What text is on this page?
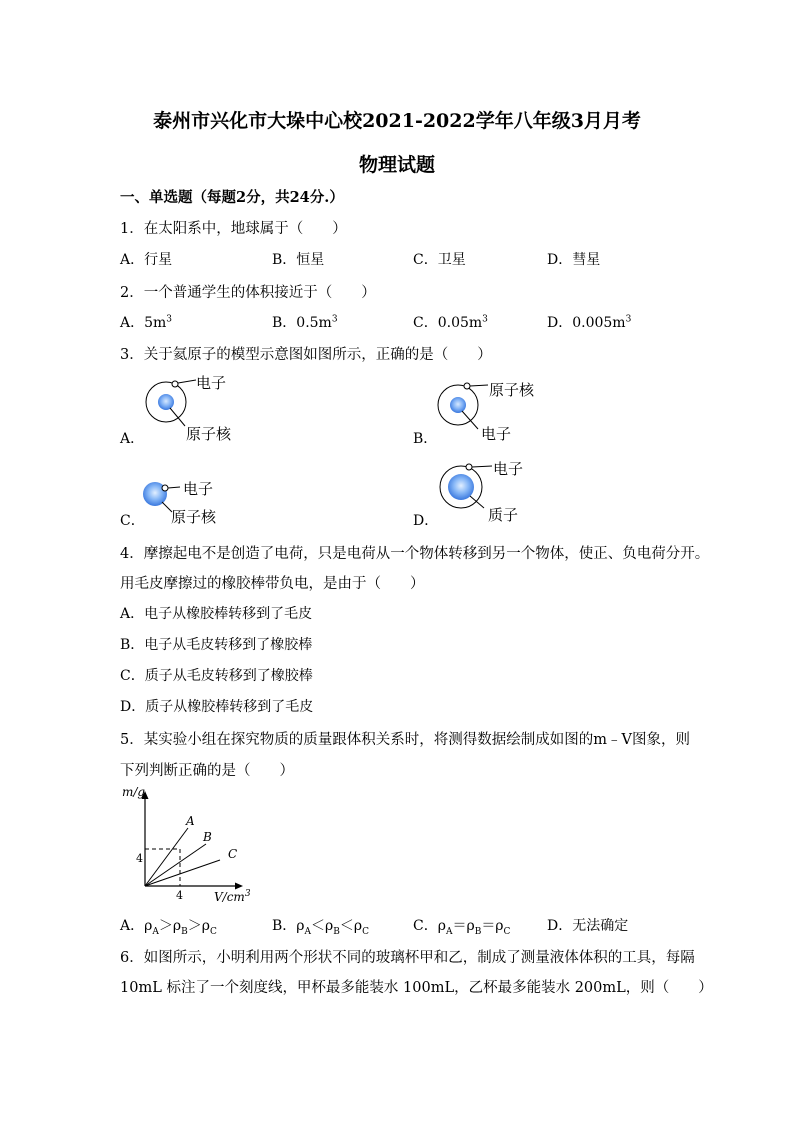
泰州市兴化市大垛中心校2021-2022学年八年级3月月考
物理试题
一、单选题（每题2分，共24分.）
1．在太阳系中，地球属于（　　）
A．行星	B．恒星	C．卫星	D．彗星
2．一个普通学生的体积接近于（　　）
A．$5m^3$	B．$0.5m^3$	C．$0.05m^3$	D．$0.005m^3$
3．关于氦原子的模型示意图如图所示，正确的是（　　）
A．
电子
原子核	B．
原子核
电子
C．
电子
原子核	D．
电子
质子
4．摩擦起电不是创造了电荷，只是电荷从一个物体转移到另一个物体，使正、负电荷分开。
用毛皮摩擦过的橡胶棒带负电，是由于（　　）
A．电子从橡胶棒转移到了毛皮
B．电子从毛皮转移到了橡胶棒
C．质子从毛皮转移到了橡胶棒
D．质子从橡胶棒转移到了毛皮
5．某实验小组在探究物质的质量跟体积关系时，将测得数据绘制成如图的m﹣V图象，则
下列判断正确的是（　　）
m/g
$V/cm^3$
4
4
A
B
C
A．$\rho_A>\rho_B>\rho_C$	B．$\rho_A<\rho_B<\rho_C$	C．$\rho_A=\rho_B=\rho_C$	D．无法确定
6．如图所示，小明利用两个形状不同的玻璃杯甲和乙，制成了测量液体体积的工具，每隔
10mL 标注了一个刻度线，甲杯最多能装水 100mL，乙杯最多能装水 200mL，则（　　）
